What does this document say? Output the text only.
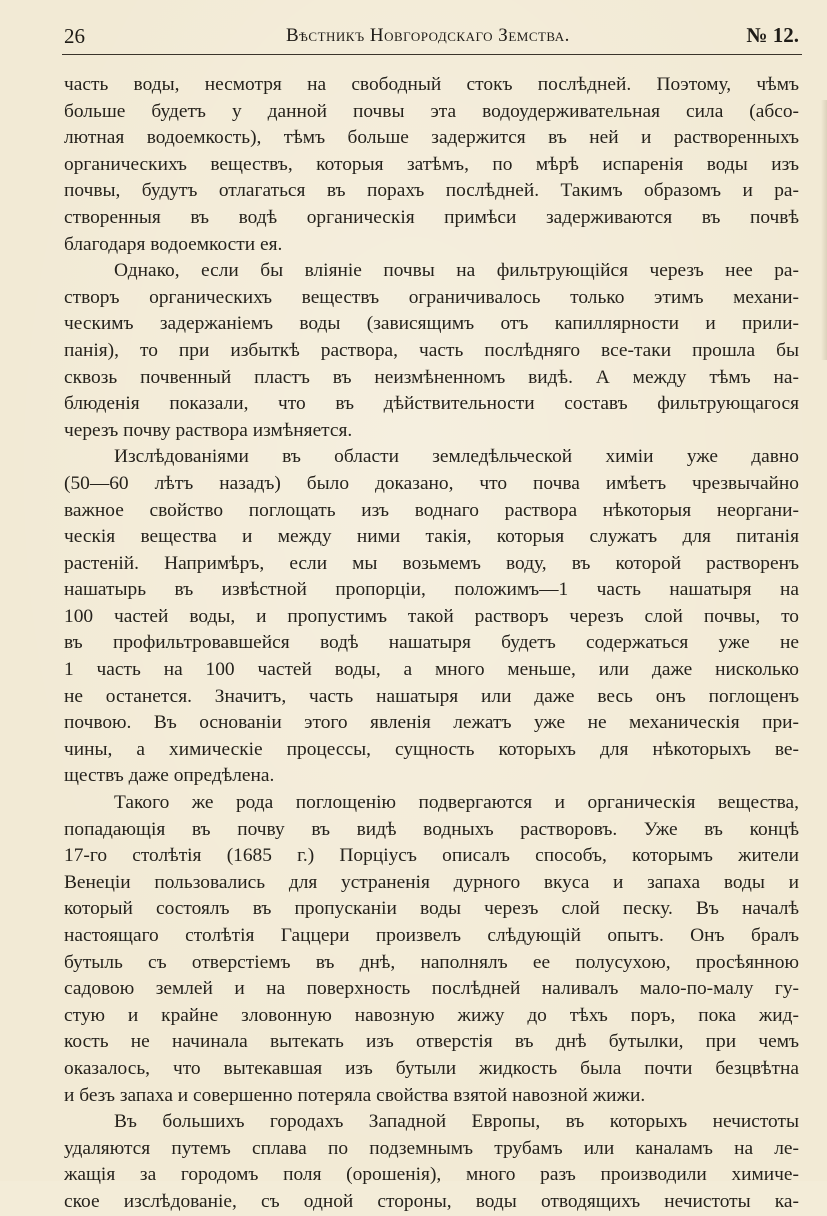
26	Вѣстникъ Новгородскаго Земства.	№ 12.
часть воды, несмотря на свободный стокъ послѣдней. Поэтому, чѣмъ
больше будетъ у данной почвы эта водоудерживательная сила (абсо-
лютная водоемкость), тѣмъ больше задержится въ ней и растворенныхъ
органическихъ веществъ, которыя затѣмъ, по мѣрѣ испаренія воды изъ
почвы, будутъ отлагаться въ порахъ послѣдней. Такимъ образомъ и ра-
створенныя въ водѣ органическія примѣси задерживаются въ почвѣ
благодаря водоемкости ея.
Однако, если бы вліяніе почвы на фильтрующійся черезъ нее ра-
створъ органическихъ веществъ ограничивалось только этимъ механи-
ческимъ задержаніемъ воды (зависящимъ отъ капиллярности и прили-
панія), то при избыткѣ раствора, часть послѣдняго все-таки прошла бы
сквозь почвенный пластъ въ неизмѣненномъ видѣ. А между тѣмъ на-
блюденія показали, что въ дѣйствительности составъ фильтрующагося
черезъ почву раствора измѣняется.
Изслѣдованіями въ области земледѣльческой химіи уже давно
(50—60 лѣтъ назадъ) было доказано, что почва имѣетъ чрезвычайно
важное свойство поглощать изъ воднаго раствора нѣкоторыя неоргани-
ческія вещества и между ними такія, которыя служатъ для питанія
растеній. Напримѣръ, если мы возьмемъ воду, въ которой растворенъ
нашатырь въ извѣстной пропорціи, положимъ—1 часть нашатыря на
100 частей воды, и пропустимъ такой растворъ черезъ слой почвы, то
въ профильтровавшейся водѣ нашатыря будетъ содержаться уже не
1 часть на 100 частей воды, а много меньше, или даже нисколько
не останется. Значитъ, часть нашатыря или даже весь онъ поглощенъ
почвою. Въ основаніи этого явленія лежатъ уже не механическія при-
чины, а химическіе процессы, сущность которыхъ для нѣкоторыхъ ве-
ществъ даже опредѣлена.
Такого же рода поглощенію подвергаются и органическія вещества,
попадающія въ почву въ видѣ водныхъ растворовъ. Уже въ концѣ
17-го столѣтія (1685 г.) Порціусъ описалъ способъ, которымъ жители
Венеціи пользовались для устраненія дурного вкуса и запаха воды и
который состоялъ въ пропусканіи воды черезъ слой песку. Въ началѣ
настоящаго столѣтія Гаццери произвелъ слѣдующій опытъ. Онъ бралъ
бутыль съ отверстіемъ въ днѣ, наполнялъ ее полусухою, просѣянною
садовою землей и на поверхность послѣдней наливалъ мало-по-малу гу-
стую и крайне зловонную навозную жижу до тѣхъ поръ, пока жид-
кость не начинала вытекать изъ отверстія въ днѣ бутылки, при чемъ
оказалось, что вытекавшая изъ бутыли жидкость была почти безцвѣтна
и безъ запаха и совершенно потеряла свойства взятой навозной жижи.
Въ большихъ городахъ Западной Европы, въ которыхъ нечистоты
удаляются путемъ сплава по подземнымъ трубамъ или каналамъ на ле-
жащія за городомъ поля (орошенія), много разъ производили химиче-
ское изслѣдованіе, съ одной стороны, воды отводящихъ нечистоты ка-
